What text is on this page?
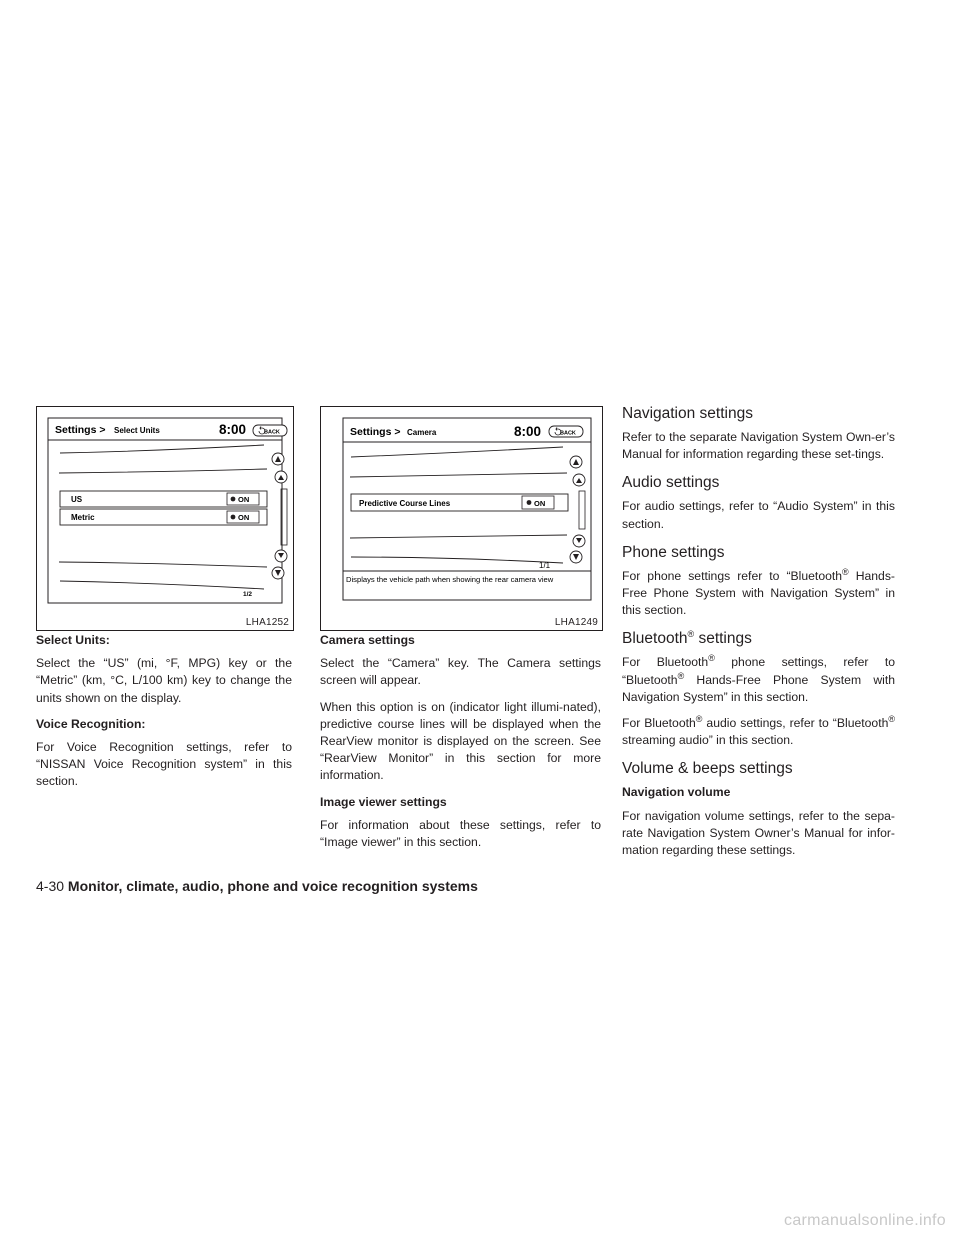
Settings > Select Units	8:00	BACK
US	ON
Metric	ON
1/2
LHA1252
Settings > Camera	8:00	BACK
Predictive Course Lines	ON
1/1
Displays the vehicle path when showing the rear camera view
LHA1249

Select Units:

Select the “US” (mi, °F, MPG) key or the “Metric” (km, °C, L/100 km) key to change the units shown on the display.

Voice Recognition:

For Voice Recognition settings, refer to “NISSAN Voice Recognition system” in this section.

Camera settings

Select the “Camera” key. The Camera settings screen will appear.

When this option is on (indicator light illumi-nated), predictive course lines will be displayed when the RearView monitor is displayed on the screen. See “RearView Monitor” in this section for more information.

Image viewer settings

For information about these settings, refer to “Image viewer” in this section.

Navigation settings

Refer to the separate Navigation System Own-er’s Manual for information regarding these set-tings.

Audio settings

For audio settings, refer to “Audio System” in this section.

Phone settings

For phone settings refer to “Bluetooth® Hands-Free Phone System with Navigation System” in this section.

Bluetooth® settings

For Bluetooth® phone settings, refer to “Bluetooth® Hands-Free Phone System with Navigation System” in this section.

For Bluetooth® audio settings, refer to “Bluetooth® streaming audio” in this section.

Volume & beeps settings

Navigation volume

For navigation volume settings, refer to the sepa-rate Navigation System Owner’s Manual for infor-mation regarding these settings.

4-30 Monitor, climate, audio, phone and voice recognition systems
carmanualsonline.info
